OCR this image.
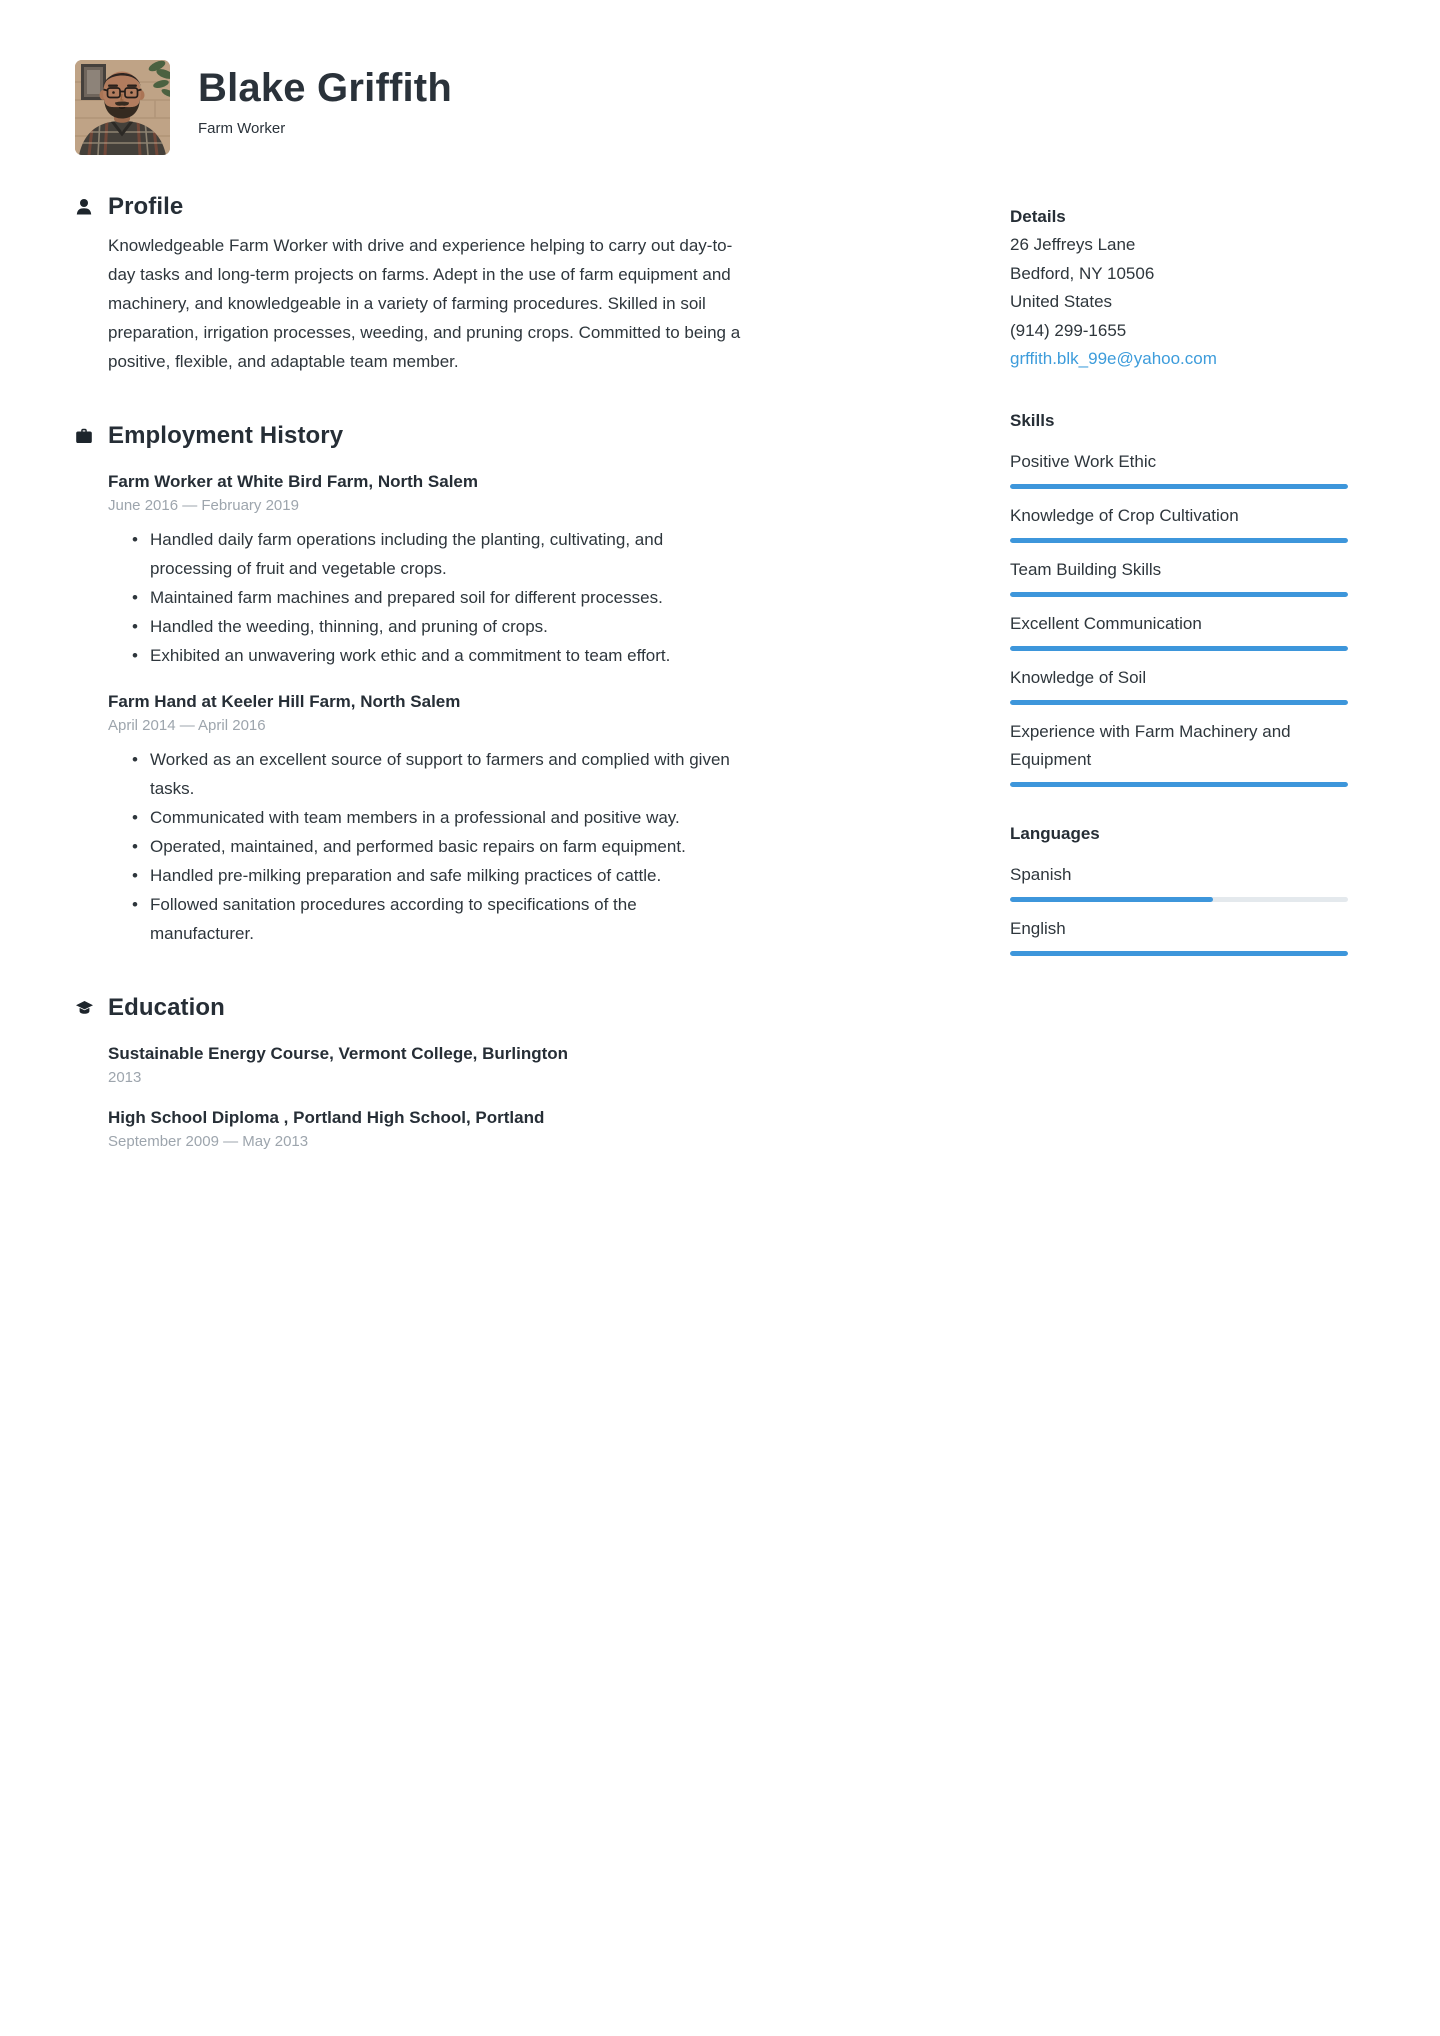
Blake Griffith
Farm Worker
Profile

Knowledgeable Farm Worker with drive and experience helping to carry out day-to-day tasks and long-term projects on farms. Adept in the use of farm equipment and machinery, and knowledgeable in a variety of farming procedures. Skilled in soil preparation, irrigation processes, weeding, and pruning crops. Committed to being a positive, flexible, and adaptable team member.

Employment History
Farm Worker at White Bird Farm, North Salem
June 2016 — February 2019
• Handled daily farm operations including the planting, cultivating, and processing of fruit and vegetable crops.
• Maintained farm machines and prepared soil for different processes.
• Handled the weeding, thinning, and pruning of crops.
• Exhibited an unwavering work ethic and a commitment to team effort.
Farm Hand at Keeler Hill Farm, North Salem
April 2014 — April 2016
• Worked as an excellent source of support to farmers and complied with given tasks.
• Communicated with team members in a professional and positive way.
• Operated, maintained, and performed basic repairs on farm equipment.
• Handled pre-milking preparation and safe milking practices of cattle.
• Followed sanitation procedures according to specifications of the manufacturer.
Education
Sustainable Energy Course, Vermont College, Burlington
2013
High School Diploma , Portland High School, Portland
September 2009 — May 2013
Details
26 Jeffreys Lane
Bedford, NY 10506
United States
(914) 299-1655
grffith.blk_99e@yahoo.com
Skills
Positive Work Ethic
Knowledge of Crop Cultivation
Team Building Skills
Excellent Communication
Knowledge of Soil
Experience with Farm Machinery and Equipment
Languages
Spanish
English
